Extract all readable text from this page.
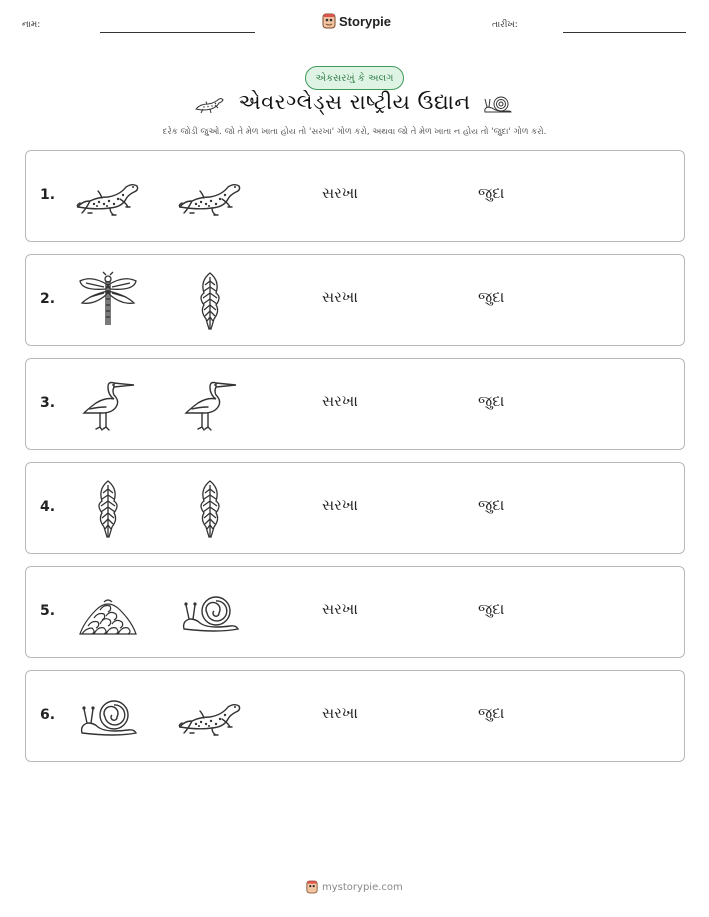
નામ:	Storypie	તારીખ:
એકસરખું કે અલગ
એવરગ્લેડ્સ રાષ્ટ્રીય ઉદ્યાન
દરેક જોડી જુઓ. જો તે મેળ ખાતા હોય તો 'સરખા' ગોળ કરો, અથવા જો તે મેળ ખાતા ન હોય તો 'જુદા' ગોળ કરો.
1.	સરખા	જુદા
2.	સરખા	જુદા
3.	સરખા	જુદા
4.	સરખા	જુદા
5.	સરખા	જુદા
6.	સરખા	જુદા
mystorypie.com
